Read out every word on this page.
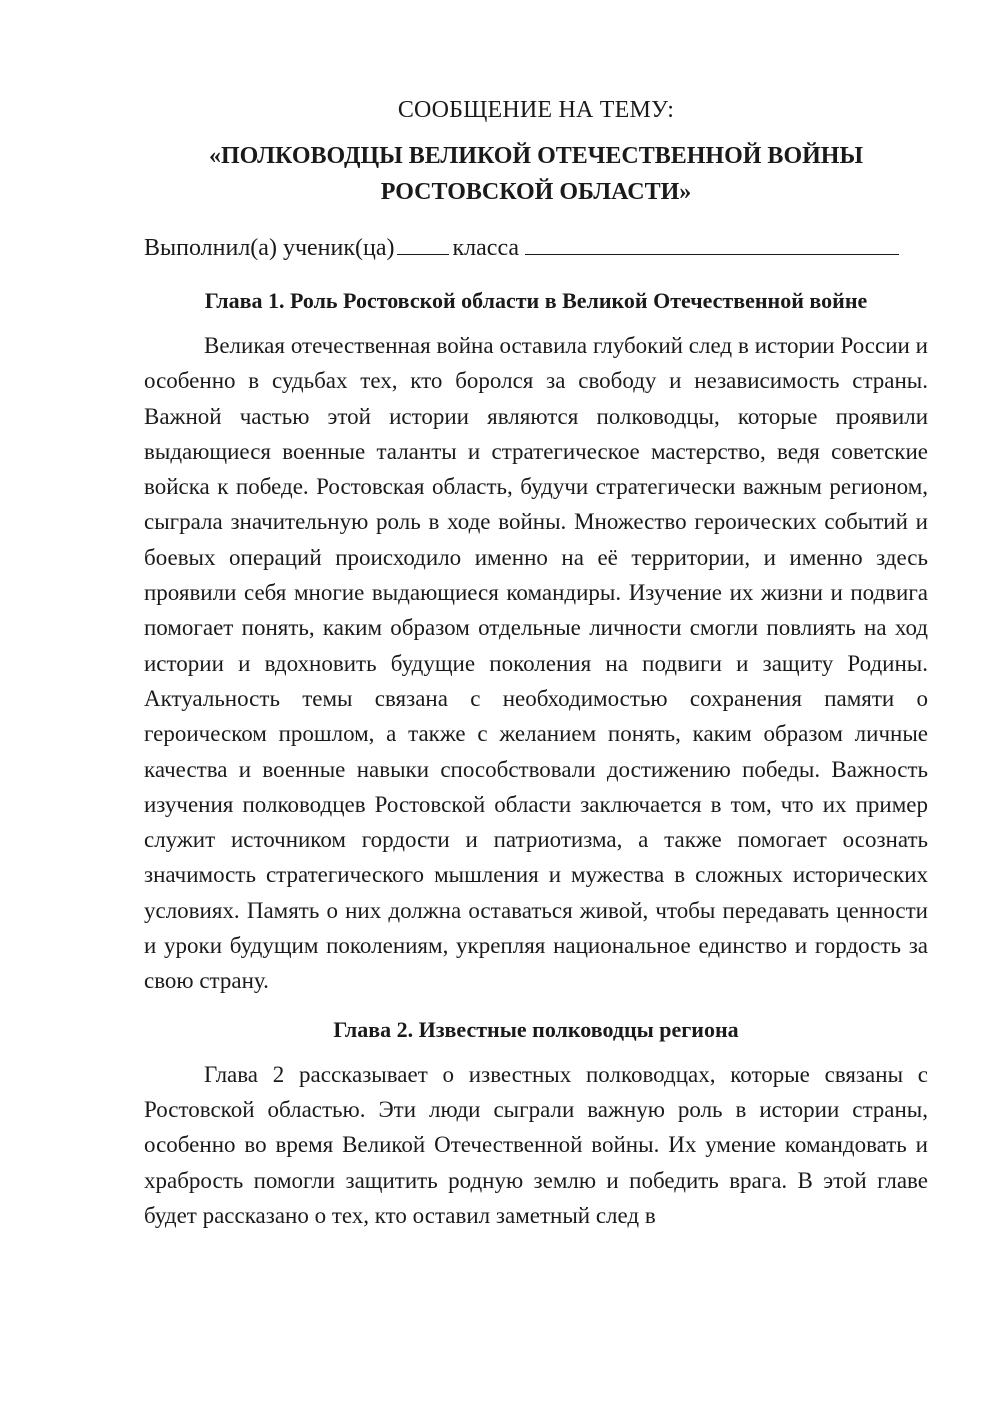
СООБЩЕНИЕ НА ТЕМУ:

«ПОЛКОВОДЦЫ ВЕЛИКОЙ ОТЕЧЕСТВЕННОЙ ВОЙНЫ РОСТОВСКОЙ ОБЛАСТИ»

Выполнил(а) ученик(ца) класса

Глава 1. Роль Ростовской области в Великой Отечественной войне

Великая отечественная война оставила глубокий след в истории России и особенно в судьбах тех, кто боролся за свободу и независимость страны. Важной частью этой истории являются полководцы, которые проявили выдающиеся военные таланты и стратегическое мастерство, ведя советские войска к победе. Ростовская область, будучи стратегически важным регионом, сыграла значительную роль в ходе войны. Множество героических событий и боевых операций происходило именно на её территории, и именно здесь проявили себя многие выдающиеся командиры. Изучение их жизни и подвига помогает понять, каким образом отдельные личности смогли повлиять на ход истории и вдохновить будущие поколения на подвиги и защиту Родины. Актуальность темы связана с необходимостью сохранения памяти о героическом прошлом, а также с желанием понять, каким образом личные качества и военные навыки способствовали достижению победы. Важность изучения полководцев Ростовской области заключается в том, что их пример служит источником гордости и патриотизма, а также помогает осознать значимость стратегического мышления и мужества в сложных исторических условиях. Память о них должна оставаться живой, чтобы передавать ценности и уроки будущим поколениям, укрепляя национальное единство и гордость за свою страну.

Глава 2. Известные полководцы региона

Глава 2 рассказывает о известных полководцах, которые связаны с Ростовской областью. Эти люди сыграли важную роль в истории страны, особенно во время Великой Отечественной войны. Их умение командовать и храбрость помогли защитить родную землю и победить врага. В этой главе будет рассказано о тех, кто оставил заметный след в
